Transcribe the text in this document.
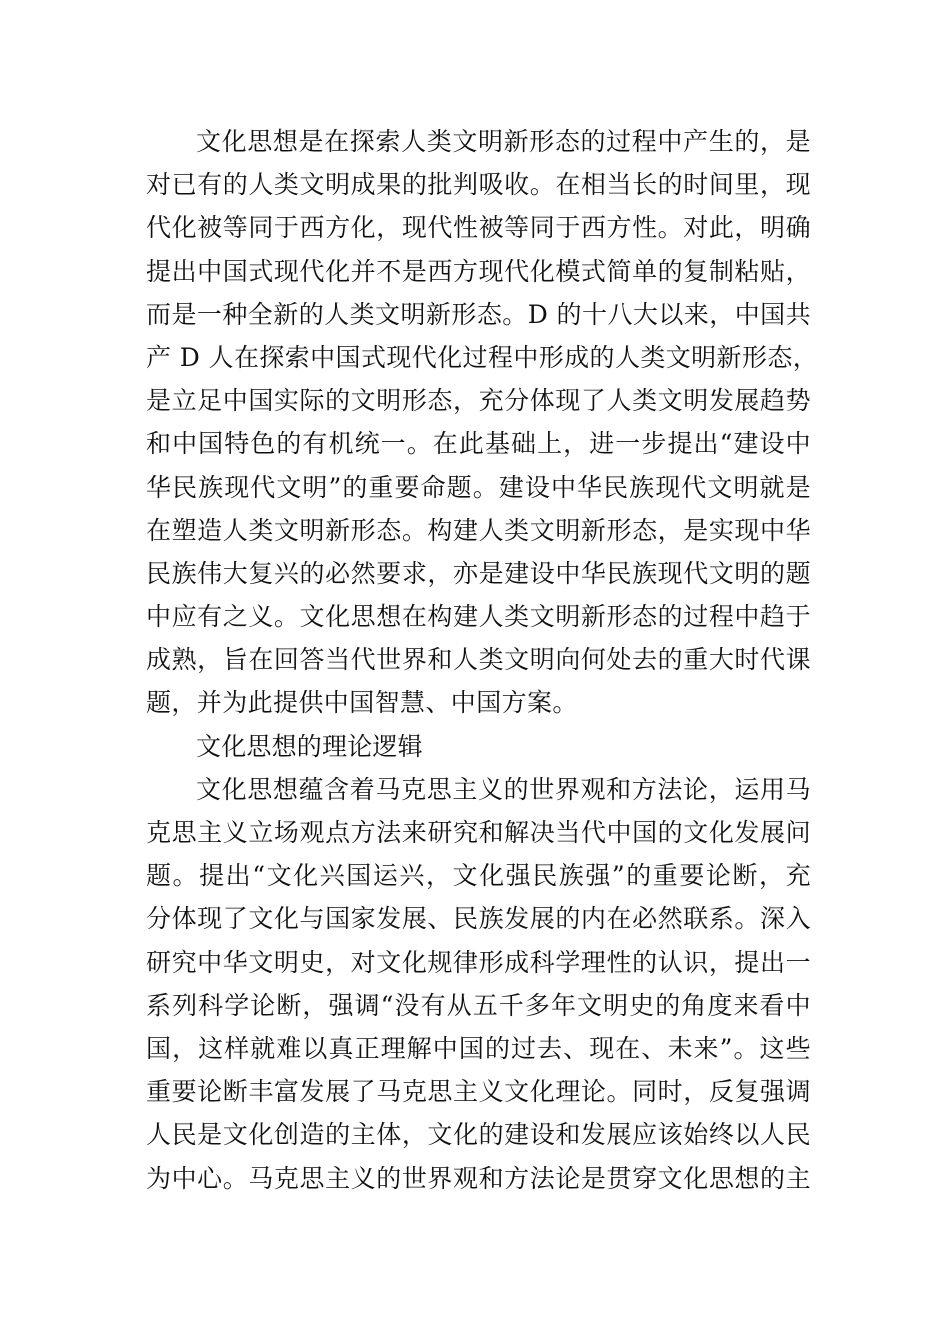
文化思想是在探索人类文明新形态的过程中产生的，是
对已有的人类文明成果的批判吸收。在相当长的时间里，现
代化被等同于西方化，现代性被等同于西方性。对此，明确
提出中国式现代化并不是西方现代化模式简单的复制粘贴，
而是一种全新的人类文明新形态。D 的十八大以来，中国共
产 D 人在探索中国式现代化过程中形成的人类文明新形态，
是立足中国实际的文明形态，充分体现了人类文明发展趋势
和中国特色的有机统一。在此基础上，进一步提出“建设中
华民族现代文明”的重要命题。建设中华民族现代文明就是
在塑造人类文明新形态。构建人类文明新形态，是实现中华
民族伟大复兴的必然要求，亦是建设中华民族现代文明的题
中应有之义。文化思想在构建人类文明新形态的过程中趋于
成熟，旨在回答当代世界和人类文明向何处去的重大时代课
题，并为此提供中国智慧、中国方案。
文化思想的理论逻辑
文化思想蕴含着马克思主义的世界观和方法论，运用马
克思主义立场观点方法来研究和解决当代中国的文化发展问
题。提出“文化兴国运兴，文化强民族强”的重要论断，充
分体现了文化与国家发展、民族发展的内在必然联系。深入
研究中华文明史，对文化规律形成科学理性的认识，提出一
系列科学论断，强调“没有从五千多年文明史的角度来看中
国，这样就难以真正理解中国的过去、现在、未来”。这些
重要论断丰富发展了马克思主义文化理论。同时，反复强调
人民是文化创造的主体，文化的建设和发展应该始终以人民
为中心。马克思主义的世界观和方法论是贯穿文化思想的主
